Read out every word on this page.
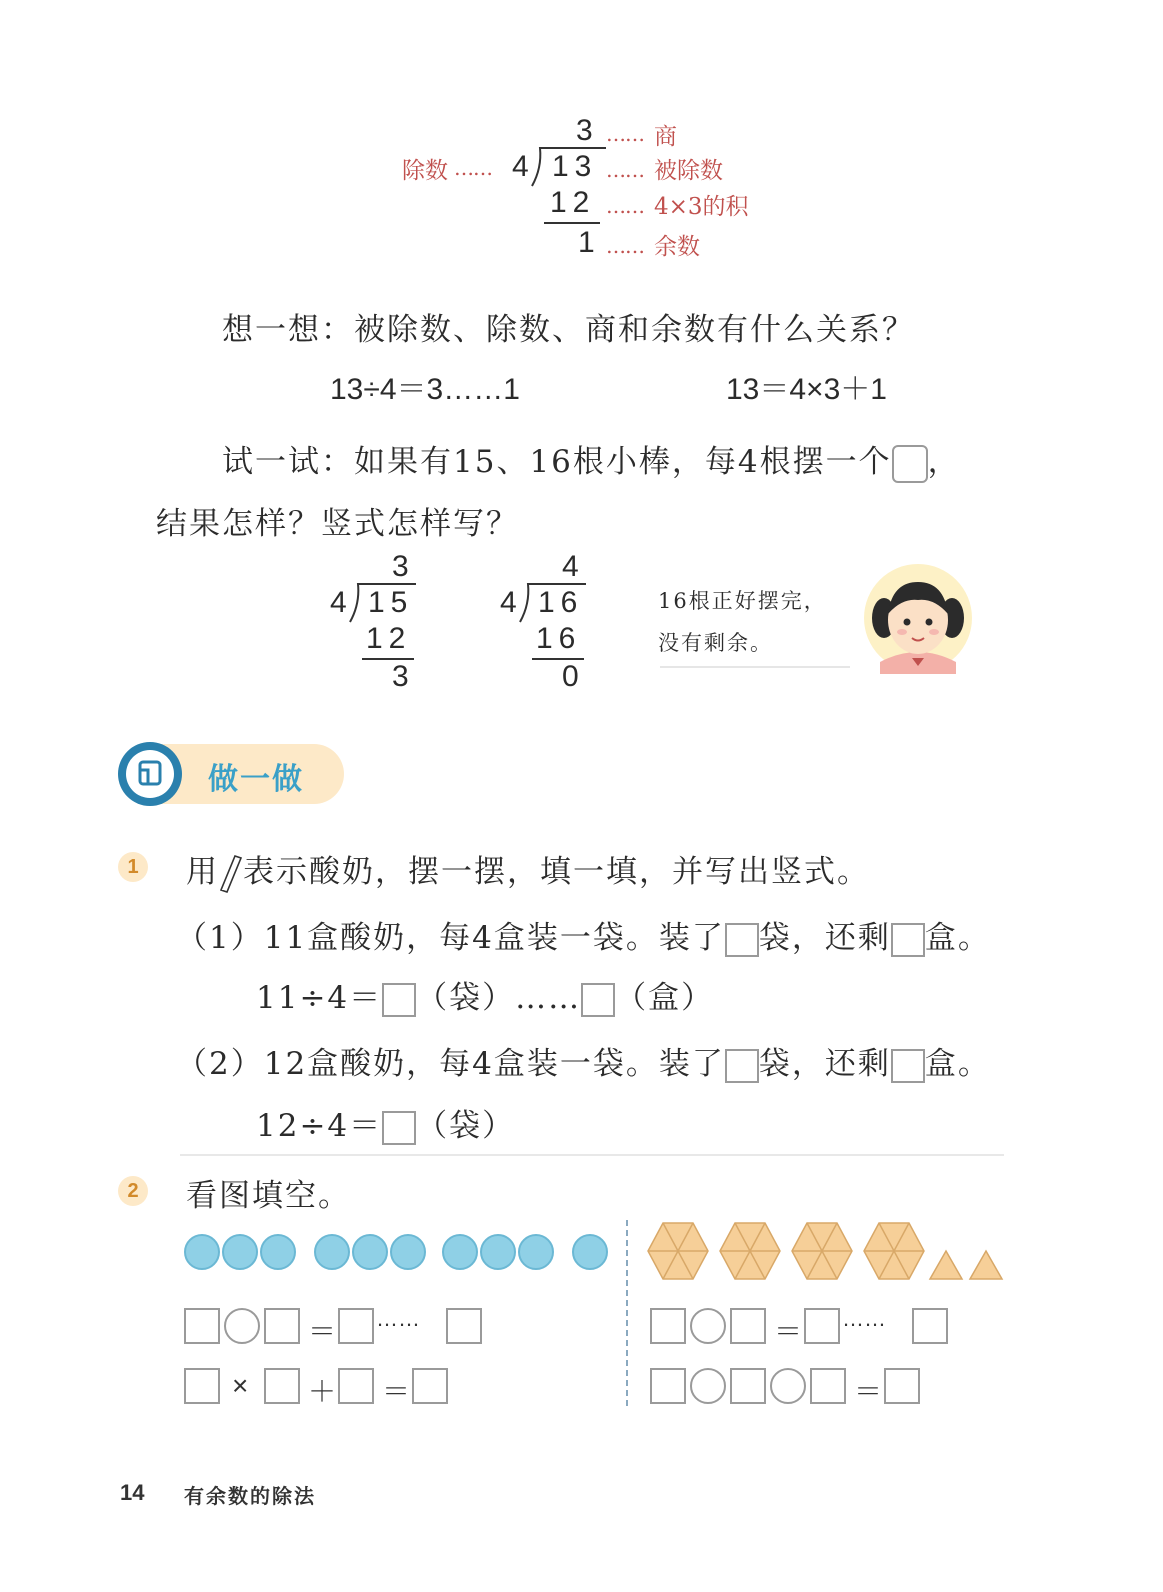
3 …… 商
除数 …… 4 13 …… 被除数
12 …… 4×3的积
1 …… 余数
想一想：被除数、除数、商和余数有什么关系？
13÷4＝3……1	13＝4×3＋1
试一试：如果有15、16根小棒，每4根摆一个 ，
结果怎样？竖式怎样写？
3
4 15
12
3
4
4 16
16
0
16根正好摆完，
没有剩余。
做一做
1	用 表示酸奶，摆一摆，填一填，并写出竖式。
（1）11盒酸奶，每4盒装一袋。装了 袋，还剩 盒。
11÷4＝ （袋）…… （盒）
（2）12盒酸奶，每4盒装一袋。装了 袋，还剩 盒。
12÷4＝ （袋）
2	看图填空。
＝ ……
× ＋ ＝
＝ ……
＝
14 有余数的除法
